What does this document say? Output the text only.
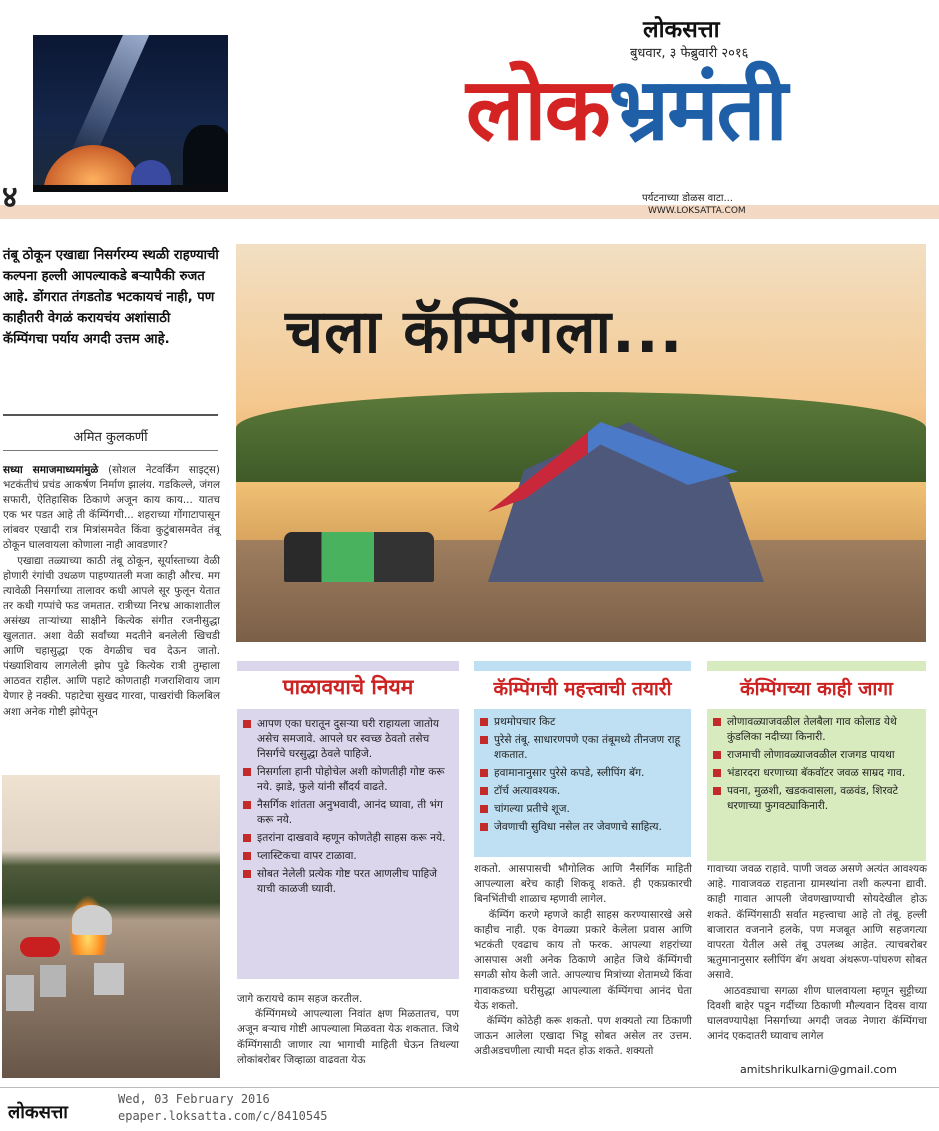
४	WWW.LOKSATTA.COM
लोकसत्ता
बुधवार, ३ फेब्रुवारी २०१६
लोकभ्रमंती
पर्यटनाच्या डोळस वाटा...
तंबू ठोकून एखाद्या निसर्गरम्य स्थळी राहण्याची कल्पना हल्ली आपल्याकडे बऱ्यापैकी रुजत आहे. डोंगरात तंगडतोड भटकायचं नाही, पण काहीतरी वेगळं करायचंय अशांसाठी कॅम्पिंगचा पर्याय अगदी उत्तम आहे.
अमित कुलकर्णी

सध्या समाजमाध्यमांमुळे (सोशल नेटवर्किंग साइट्स) भटकंतीचं प्रचंड आकर्षण निर्माण झालंय. गडकिल्ले, जंगल सफारी, ऐतिहासिक ठिकाणे अजून काय काय... यातच एक भर पडत आहे ती कॅम्पिंगची... शहराच्या गोंगाटापासून लांबवर एखादी रात्र मित्रांसमवेत किंवा कुटुंबासमवेत तंबू ठोकून घालवायला कोणाला नाही आवडणार?

एखाद्या तळ्याच्या काठी तंबू ठोकून, सूर्यास्ताच्या वेळी होणारी रंगांची उधळण पाहण्यातली मजा काही औरच. मग त्यावेळी निसर्गाच्या तालावर कधी आपले सूर फुलून येतात तर कधी गप्पांचे फड जमतात. रात्रीच्या निरभ्र आकाशातील असंख्य ताऱ्यांच्या साक्षीने कित्येक संगीत रजनीसुद्धा खुलतात. अशा वेळी सर्वांच्या मदतीने बनलेली खिचडी आणि चहासुद्धा एक वेगळीच चव देऊन जातो. पंख्याशिवाय लागलेली झोप पुढे कित्येक रात्री तुम्हाला आठवत राहील. आणि पहाटे कोणताही गजराशिवाय जाग येणार हे नक्की. पहाटेचा सुखद गारवा, पाखरांची किलबिल अशा अनेक गोष्टी झोपेतून

चला कॅम्पिंगला...
पाळावयाचे नियम
आपण एका घरातून दुसऱ्या घरी राहायला जातोय असेच समजावे. आपले घर स्वच्छ ठेवतो तसेच निसर्गचे घरसुद्धा ठेवले पाहिजे.
निसर्गाला हानी पोहोचेल अशी कोणतीही गोष्ट करू नये. झाडे, फुले यांनी सौंदर्य वाढते.
नैसर्गिक शांतता अनुभवावी, आनंद घ्यावा, ती भंग करू नये.
इतरांना दाखवावे म्हणून कोणतेही साहस करू नये.
प्लास्टिकचा वापर टाळावा.
सोबत नेलेली प्रत्येक गोष्ट परत आणलीच पाहिजे याची काळजी घ्यावी.
कॅम्पिंगची महत्त्वाची तयारी
प्रथमोपचार किट
पुरेसे तंबू. साधारणपणे एका तंबूमध्ये तीनजण राहू शकतात.
हवामानानुसार पुरेसे कपडे, स्लीपिंग बॅग.
टॉर्च अत्यावश्यक.
चांगल्या प्रतीचे शूज.
जेवणाची सुविधा नसेल तर जेवणाचे साहित्य.
कॅम्पिंगच्या काही जागा
लोणावळ्याजवळील तेलबैला गाव कोलाड येथे कुंडलिका नदीच्या किनारी.
राजमाची लोणावळ्याजवळील राजगड पायथा
भंडारदरा धरणाच्या बॅकवॉटर जवळ साम्रद गाव.
पवना, मुळशी, खडकवासला, वळवंड, शिरवटे धरणाच्या फुगवट्याकिनारी.

जागे करायचे काम सहज करतील.

कॅम्पिंगमध्ये आपल्याला निवांत क्षण मिळतातच, पण अजून बऱ्याच गोष्टी आपल्याला मिळवता येऊ शकतात. जिथे कॅम्पिंगसाठी जाणार त्या भागाची माहिती घेऊन तिथल्या लोकांबरोबर जिव्हाळा वाढवता येऊ

शकतो. आसपासची भौगोलिक आणि नैसर्गिक माहिती आपल्याला बरेच काही शिकवू शकते. ही एकप्रकारची बिनभिंतीची शाळाच म्हणावी लागेल.

कॅम्पिंग करणे म्हणजे काही साहस करण्यासारखे असे काहीच नाही. एक वेगळ्या प्रकारे केलेला प्रवास आणि भटकंती एवढाच काय तो फरक. आपल्या शहरांच्या आसपास अशी अनेक ठिकाणे आहेत जिथे कॅम्पिंगची सगळी सोय केली जाते. आपल्याच मित्रांच्या शेतामध्ये किंवा गावाकडच्या घरीसुद्धा आपल्याला कॅम्पिंगचा आनंद घेता येऊ शकतो.

कॅम्पिंग कोठेही करू शकतो. पण शक्यतो त्या ठिकाणी जाऊन आलेला एखादा भिडू सोबत असेल तर उत्तम. अडीअडचणीला त्याची मदत होऊ शकते. शक्यतो

गावाच्या जवळ राहावे. पाणी जवळ असणे अत्यंत आवश्यक आहे. गावाजवळ राहताना ग्रामस्थांना तशी कल्पना द्यावी. काही गावात आपली जेवणखाण्याची सोयदेखील होऊ शकते. कॅम्पिंगसाठी सर्वात महत्त्वाचा आहे तो तंबू. हल्ली बाजारात वजनाने हलके, पण मजबूत आणि सहजगत्या वापरता येतील असे तंबू उपलब्ध आहेत. त्याचबरोबर ऋतुमानानुसार स्लीपिंग बॅग अथवा अंथरूण-पांघरुण सोबत असावे.

आठवड्याचा सगळा शीण घालवायला म्हणून सुट्टीच्या दिवशी बाहेर पडून गर्दीच्या ठिकाणी मौल्यवान दिवस वाया घालवण्यापेक्षा निसर्गाच्या अगदी जवळ नेणारा कॅम्पिंगचा आनंद एकदातरी घ्यावाच लागेल

amitshrikulkarni@gmail.com
लोकसत्ता
Wed, 03 February 2016
epaper.loksatta.com/c/8410545
